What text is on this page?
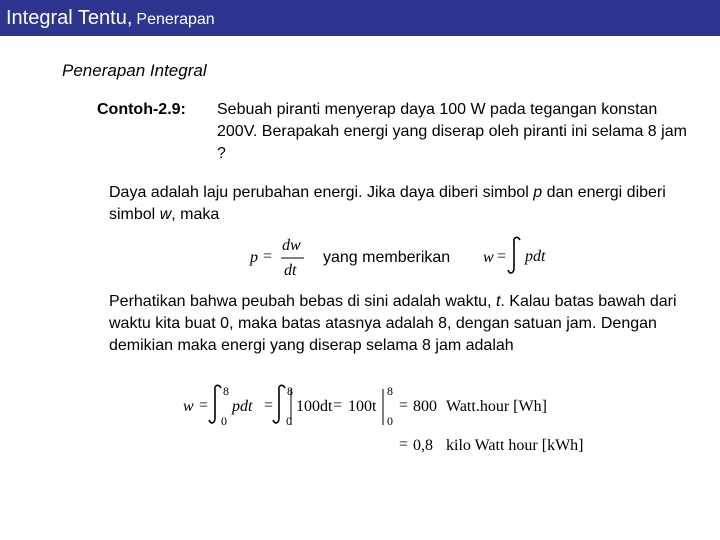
Integral Tentu, Penerapan
Penerapan Integral
Contoh-2.9: Sebuah piranti menyerap daya 100 W pada tegangan konstan 200V. Berapakah energi yang diserap oleh piranti ini selama 8 jam ?
Daya adalah laju perubahan energi. Jika daya diberi simbol p dan energi diberi simbol w, maka
p =
dw
dt
yang memberikan w = pdt
Perhatikan bahwa peubah bebas di sini adalah waktu, t. Kalau batas bawah dari waktu kita buat 0, maka batas atasnya adalah 8, dengan satuan jam. Dengan demikian maka energi yang diserap selama 8 jam adalah
w =
8
0
pdt =
8
0
100dt = 100t
8
0
= 800 Watt.hour [Wh]
= 0,8 kilo Watt hour [kWh]
